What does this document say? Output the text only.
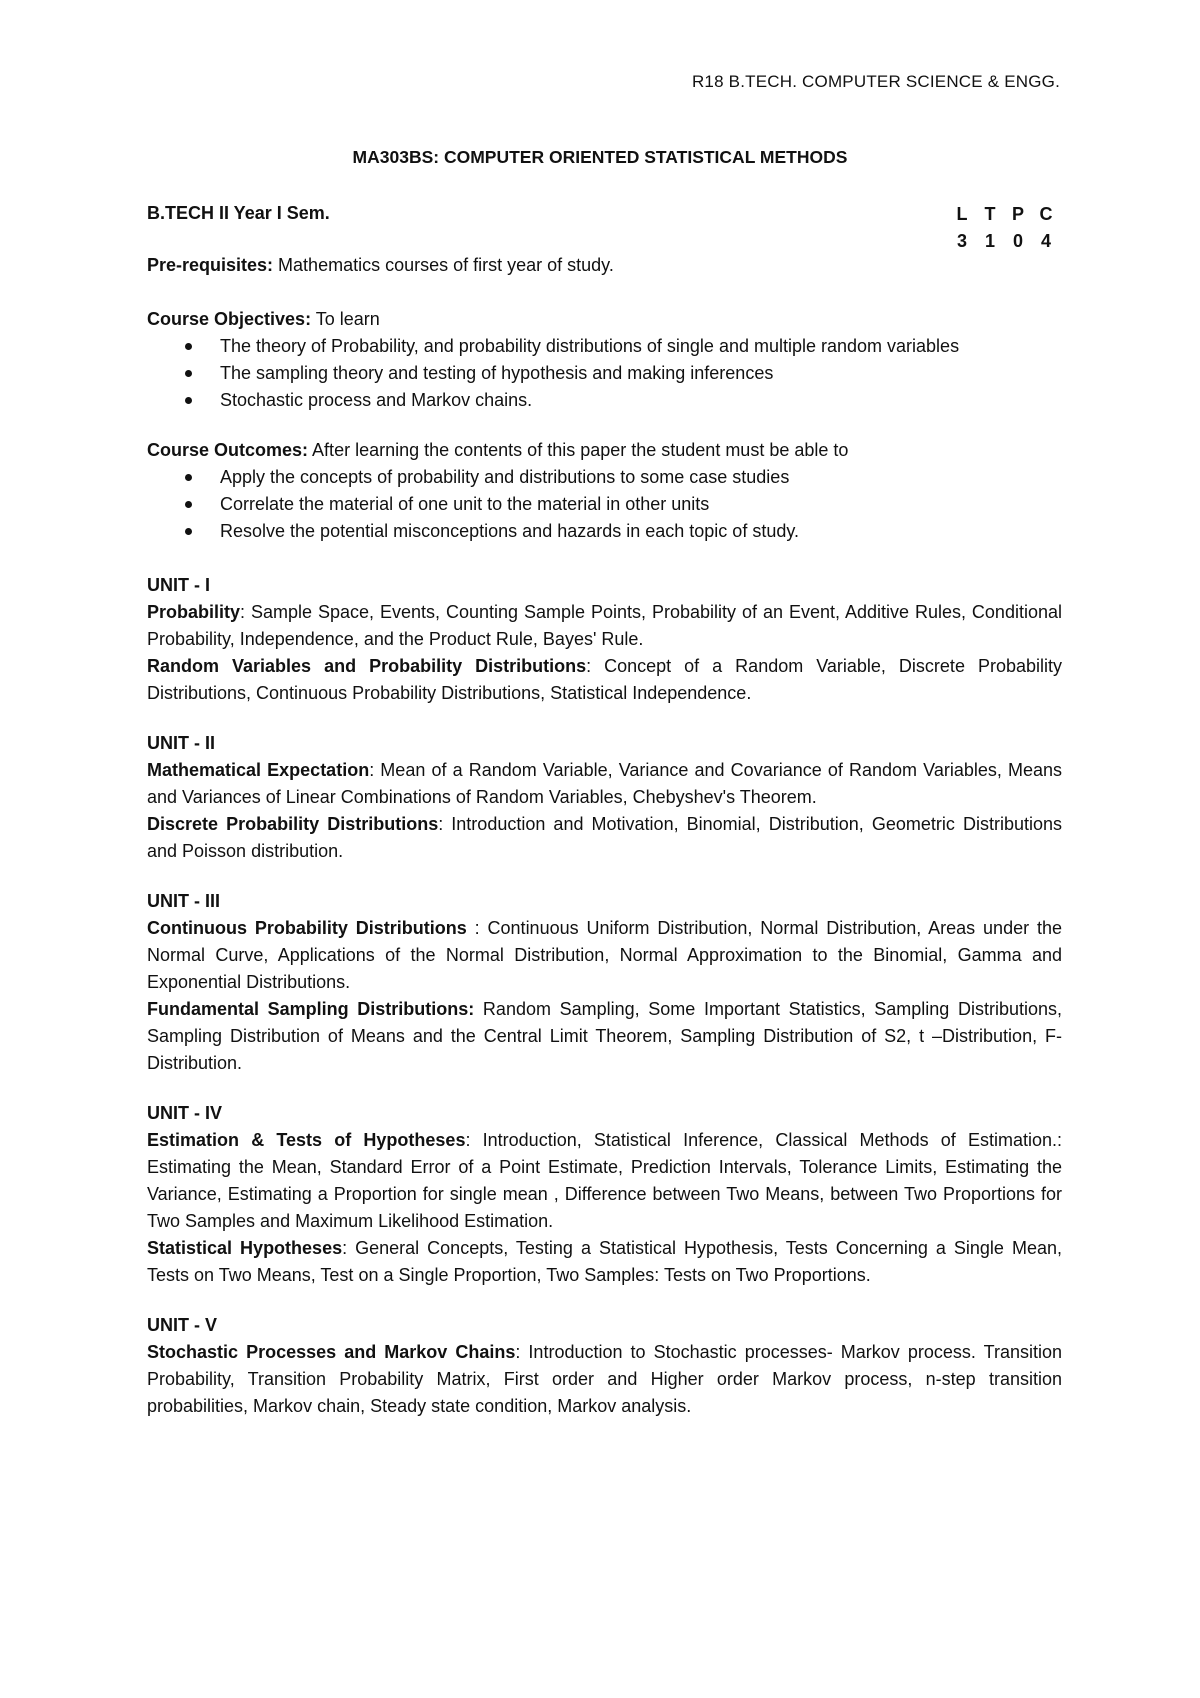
R18 B.TECH. COMPUTER SCIENCE & ENGG.
MA303BS: COMPUTER ORIENTED STATISTICAL METHODS
B.TECH II Year I Sem.	L	T	P	C
3	1	0	4

Pre-requisites: Mathematics courses of first year of study.

Course Objectives: To learn

The theory of Probability, and probability distributions of single and multiple random variables
The sampling theory and testing of hypothesis and making inferences
Stochastic process and Markov chains.

Course Outcomes: After learning the contents of this paper the student must be able to

Apply the concepts of probability and distributions to some case studies
Correlate the material of one unit to the material in other units
Resolve the potential misconceptions and hazards in each topic of study.

UNIT - I

Probability: Sample Space, Events, Counting Sample Points, Probability of an Event, Additive Rules, Conditional Probability, Independence, and the Product Rule, Bayes' Rule.

Random Variables and Probability Distributions: Concept of a Random Variable, Discrete Probability Distributions, Continuous Probability Distributions, Statistical Independence.

UNIT - II

Mathematical Expectation: Mean of a Random Variable, Variance and Covariance of Random Variables, Means and Variances of Linear Combinations of Random Variables, Chebyshev's Theorem.

Discrete Probability Distributions: Introduction and Motivation, Binomial, Distribution, Geometric Distributions and Poisson distribution.

UNIT - III

Continuous Probability Distributions : Continuous Uniform Distribution, Normal Distribution, Areas under the Normal Curve, Applications of the Normal Distribution, Normal Approximation to the Binomial, Gamma and Exponential Distributions.

Fundamental Sampling Distributions: Random Sampling, Some Important Statistics, Sampling Distributions, Sampling Distribution of Means and the Central Limit Theorem, Sampling Distribution of S2, t –Distribution, F-Distribution.

UNIT - IV

Estimation & Tests of Hypotheses: Introduction, Statistical Inference, Classical Methods of Estimation.: Estimating the Mean, Standard Error of a Point Estimate, Prediction Intervals, Tolerance Limits, Estimating the Variance, Estimating a Proportion for single mean , Difference between Two Means, between Two Proportions for Two Samples and Maximum Likelihood Estimation.

Statistical Hypotheses: General Concepts, Testing a Statistical Hypothesis, Tests Concerning a Single Mean, Tests on Two Means, Test on a Single Proportion, Two Samples: Tests on Two Proportions.

UNIT - V

Stochastic Processes and Markov Chains: Introduction to Stochastic processes- Markov process. Transition Probability, Transition Probability Matrix, First order and Higher order Markov process, n-step transition probabilities, Markov chain, Steady state condition, Markov analysis.
